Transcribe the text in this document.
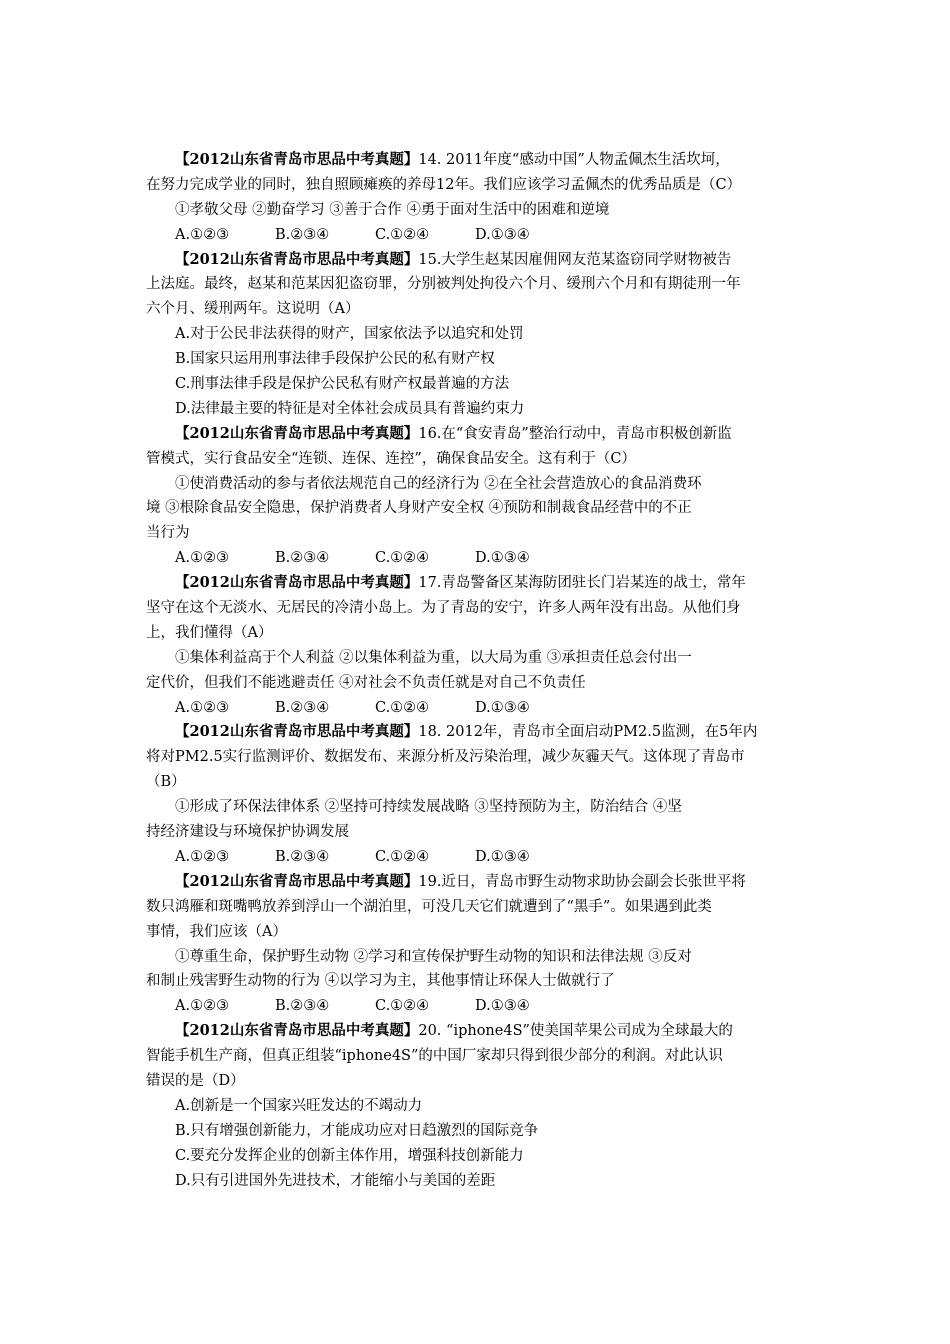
【2012山东省青岛市思品中考真题】14. 2011年度“感动中国”人物孟佩杰生活坎坷，
在努力完成学业的同时，独自照顾瘫痪的养母12年。我们应该学习孟佩杰的优秀品质是（C）
①孝敬父母 ②勤奋学习 ③善于合作 ④勇于面对生活中的困难和逆境
A.①②③	B.②③④	C.①②④	D.①③④
【2012山东省青岛市思品中考真题】15.大学生赵某因雇佣网友范某盗窃同学财物被告
上法庭。最终，赵某和范某因犯盗窃罪，分别被判处拘役六个月、缓刑六个月和有期徒刑一年
六个月、缓刑两年。这说明（A）
A.对于公民非法获得的财产，国家依法予以追究和处罚
B.国家只运用刑事法律手段保护公民的私有财产权
C.刑事法律手段是保护公民私有财产权最普遍的方法
D.法律最主要的特征是对全体社会成员具有普遍约束力
【2012山东省青岛市思品中考真题】16.在“食安青岛”整治行动中，青岛市积极创新监
管模式，实行食品安全“连锁、连保、连控”，确保食品安全。这有利于（C）
①使消费活动的参与者依法规范自己的经济行为 ②在全社会营造放心的食品消费环
境 ③根除食品安全隐患，保护消费者人身财产安全权 ④预防和制裁食品经营中的不正
当行为
A.①②③	B.②③④	C.①②④	D.①③④
【2012山东省青岛市思品中考真题】17.青岛警备区某海防团驻长门岩某连的战士，常年
坚守在这个无淡水、无居民的冷清小岛上。为了青岛的安宁，许多人两年没有出岛。从他们身
上，我们懂得（A）
①集体利益高于个人利益 ②以集体利益为重，以大局为重 ③承担责任总会付出一
定代价，但我们不能逃避责任 ④对社会不负责任就是对自己不负责任
A.①②③	B.②③④	C.①②④	D.①③④
【2012山东省青岛市思品中考真题】18. 2012年，青岛市全面启动PM2.5监测，在5年内
将对PM2.5实行监测评价、数据发布、来源分析及污染治理，减少灰霾天气。这体现了青岛市
（B）
①形成了环保法律体系 ②坚持可持续发展战略 ③坚持预防为主，防治结合 ④坚
持经济建设与环境保护协调发展
A.①②③	B.②③④	C.①②④	D.①③④
【2012山东省青岛市思品中考真题】19.近日，青岛市野生动物求助协会副会长张世平将
数只鸿雁和斑嘴鸭放养到浮山一个湖泊里，可没几天它们就遭到了“黑手”。如果遇到此类
事情，我们应该（A）
①尊重生命，保护野生动物 ②学习和宣传保护野生动物的知识和法律法规 ③反对
和制止残害野生动物的行为 ④以学习为主，其他事情让环保人士做就行了
A.①②③	B.②③④	C.①②④	D.①③④
【2012山东省青岛市思品中考真题】20. “iphone4S”使美国苹果公司成为全球最大的
智能手机生产商，但真正组装“iphone4S”的中国厂家却只得到很少部分的利润。对此认识
错误的是（D）
A.创新是一个国家兴旺发达的不竭动力
B.只有增强创新能力，才能成功应对日趋激烈的国际竞争
C.要充分发挥企业的创新主体作用，增强科技创新能力
D.只有引进国外先进技术，才能缩小与美国的差距
